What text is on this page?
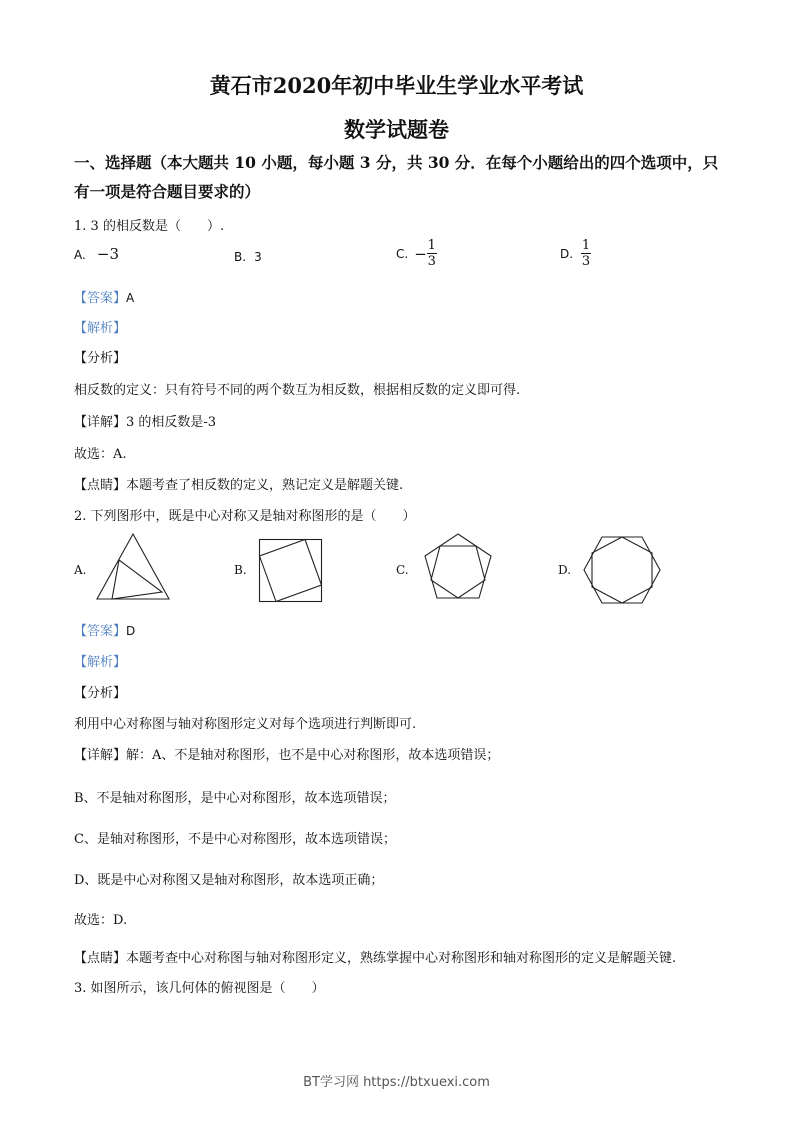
黄石市2020年初中毕业生学业水平考试
数学试题卷
一、选择题（本大题共 10 小题，每小题 3 分，共 30 分．在每个小题给出的四个选项中，只
有一项是符合题目要求的）
1. 3 的相反数是（　　）.
A. −3	B. 3	C. − $\frac{1}{3}$	D. $\frac{1}{3}$
【答案】A
【解析】
【分析】
相反数的定义：只有符号不同的两个数互为相反数，根据相反数的定义即可得.
【详解】3 的相反数是-3
故选：A.
【点睛】本题考查了相反数的定义，熟记定义是解题关键.
2. 下列图形中，既是中心对称又是轴对称图形的是（　　）
A.	B.	C.	D.
【答案】D
【解析】
【分析】
利用中心对称图与轴对称图形定义对每个选项进行判断即可.
【详解】解：A、不是轴对称图形，也不是中心对称图形，故本选项错误；
B、不是轴对称图形，是中心对称图形，故本选项错误；
C、是轴对称图形，不是中心对称图形，故本选项错误；
D、既是中心对称图又是轴对称图形，故本选项正确；
故选：D.
【点睛】本题考查中心对称图与轴对称图形定义，熟练掌握中心对称图形和轴对称图形的定义是解题关键.
3. 如图所示，该几何体的俯视图是（　　）
BT学习网 https://btxuexi.com
